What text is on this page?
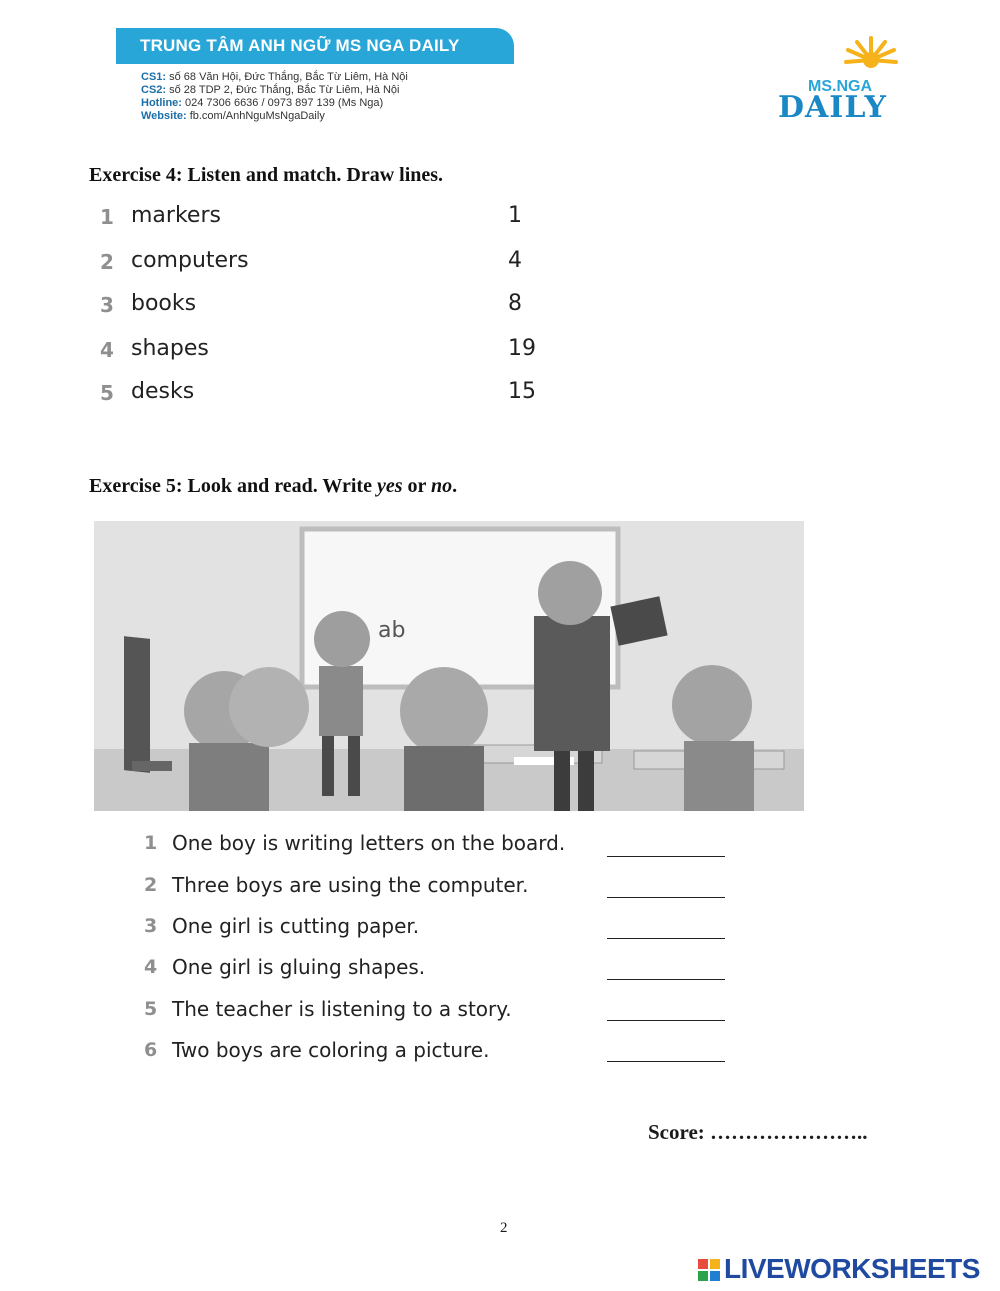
TRUNG TÂM ANH NGỮ MS NGA DAILY
CS1: số 68 Văn Hội, Đức Thắng, Bắc Từ Liêm, Hà Nội
CS2: số 28 TDP 2, Đức Thắng, Bắc Từ Liêm, Hà Nội
Hotline: 024 7306 6636 / 0973 897 139 (Ms Nga)
Website: fb.com/AnhNguMsNgaDaily
MS.NGA
DAILY
Exercise 4: Listen and match. Draw lines.
1 markers	1
2 computers	4
3 books	8
4 shapes	19
5 desks	15
Exercise 5: Look and read. Write yes or no.
ab
1 One boy is writing letters on the board.
2 Three boys are using the computer.
3 One girl is cutting paper.
4 One girl is gluing shapes.
5 The teacher is listening to a story.
6 Two boys are coloring a picture.
Score: …………………..
2
LIVEWORKSHEETS
